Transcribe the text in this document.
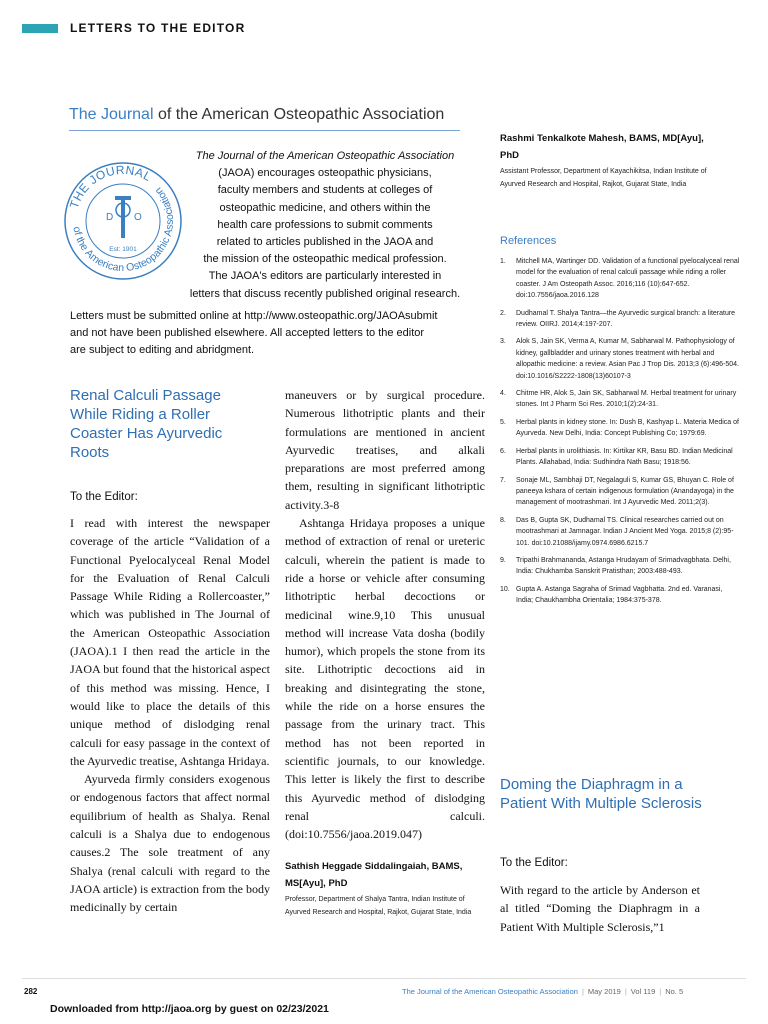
LETTERS TO THE EDITOR
The Journal of the American Osteopathic Association
THE JOURNAL
of the American Osteopathic Association
D O
Est: 1901
The Journal of the American Osteopathic Association
(JAOA) encourages osteopathic physicians,
faculty members and students at colleges of
osteopathic medicine, and others within the
health care professions to submit comments
related to articles published in the JAOA and
the mission of the osteopathic medical profession.
The JAOA's editors are particularly interested in
letters that discuss recently published original research.
Letters must be submitted online at http://www.osteopathic.org/JAOAsubmit
and not have been published elsewhere. All accepted letters to the editor
are subject to editing and abridgment.
Renal Calculi Passage While Riding a Roller Coaster Has Ayurvedic Roots
To the Editor:

I read with interest the newspaper coverage of the article “Validation of a Functional Pyelocalyceal Renal Model for the Evaluation of Renal Calculi Passage While Riding a Rollercoaster,” which was published in The Journal of the American Osteopathic Association (JAOA).1 I then read the article in the JAOA but found that the historical aspect of this method was missing. Hence, I would like to place the details of this unique method of dislodging renal calculi for easy passage in the context of the Ayurvedic treatise, Ashtanga Hridaya.

Ayurveda firmly considers exogenous or endogenous factors that affect normal equilibrium of health as Shalya. Renal calculi is a Shalya due to endogenous causes.2 The sole treatment of any Shalya (renal calculi with regard to the JAOA article) is extraction from the body medicinally by certain

maneuvers or by surgical procedure. Numerous lithotriptic plants and their formulations are mentioned in ancient Ayurvedic treatises, and alkali preparations are most preferred among them, resulting in significant lithotriptic activity.3-8

Ashtanga Hridaya proposes a unique method of extraction of renal or ureteric calculi, wherein the patient is made to ride a horse or vehicle after consuming lithotriptic herbal decoctions or medicinal wine.9,10 This unusual method will increase Vata dosha (bodily humor), which propels the stone from its site. Lithotriptic decoctions aid in breaking and disintegrating the stone, while the ride on a horse ensures the passage from the urinary tract. This method has not been reported in scientific journals, to our knowledge. This letter is likely the first to describe this Ayurvedic method of dislodging renal calculi. (doi:10.7556/jaoa.2019.047)

Sathish Heggade Siddalingaiah, BAMS,
MS[Ayu], PhD
Professor, Department of Shalya Tantra, Indian Institute of Ayurved Research and Hospital, Rajkot, Gujarat State, India
Rashmi Tenkalkote Mahesh, BAMS, MD[Ayu],
PhD
Assistant Professor, Department of Kayachikitsa, Indian Institute of Ayurved Research and Hospital, Rajkot, Gujarat State, India
References
1.	Mitchell MA, Wartinger DD. Validation of a functional pyelocalyceal renal model for the evaluation of renal calculi passage while riding a roller coaster. J Am Osteopath Assoc. 2016;116 (10):647-652. doi:10.7556/jaoa.2016.128
2.	Dudhamal T. Shalya Tantra—the Ayurvedic surgical branch: a literature review. OIIRJ. 2014;4:197-207.
3.	Alok S, Jain SK, Verma A, Kumar M, Sabharwal M. Pathophysiology of kidney, gallbladder and urinary stones treatment with herbal and allopathic medicine: a review. Asian Pac J Trop Dis. 2013;3 (6):496-504. doi:10.1016/S2222-1808(13)60107-3
4.	Chitme HR, Alok S, Jain SK, Sabharwal M. Herbal treatment for urinary stones. Int J Pharm Sci Res. 2010;1(2):24-31.
5.	Herbal plants in kidney stone. In: Dush B, Kashyap L. Materia Medica of Ayurveda. New Delhi, India: Concept Publishing Co; 1979:69.
6.	Herbal plants in urolithiasis. In: Kirtikar KR, Basu BD. Indian Medicinal Plants. Allahabad, India: Sudhindra Nath Basu; 1918:56.
7.	Sonaje ML, Sambhaji DT, Negalaguli S, Kumar GS, Bhuyan C. Role of paneeya kshara of certain indigenous formulation (Anandayoga) in the management of mootrashmari. Int J Ayurvedic Med. 2011;2(3).
8.	Das B, Gupta SK, Dudhamal TS. Clinical researches carried out on mootrashmari at Jamnagar. Indian J Ancient Med Yoga. 2015;8 (2):95-101. doi:10.21088/ijamy.0974.6986.6215.7
9.	Tripathi Brahmananda, Astanga Hrudayam of Srimadvagbhata. Delhi, India: Chukhamba Sanskrit Pratisthan; 2003:488-493.
10. Gupta A. Astanga Sagraha of Srimad Vagbhatta. 2nd ed. Varanasi, India; Chaukhambha Orientalia; 1984:375-378.
Doming the Diaphragm in a Patient With Multiple Sclerosis
To the Editor:

With regard to the article by Anderson et al titled “Doming the Diaphragm in a Patient With Multiple Sclerosis,”1

282	The Journal of the American Osteopathic Association | May 2019 | Vol 119 | No. 5
Downloaded from http://jaoa.org by guest on 02/23/2021
